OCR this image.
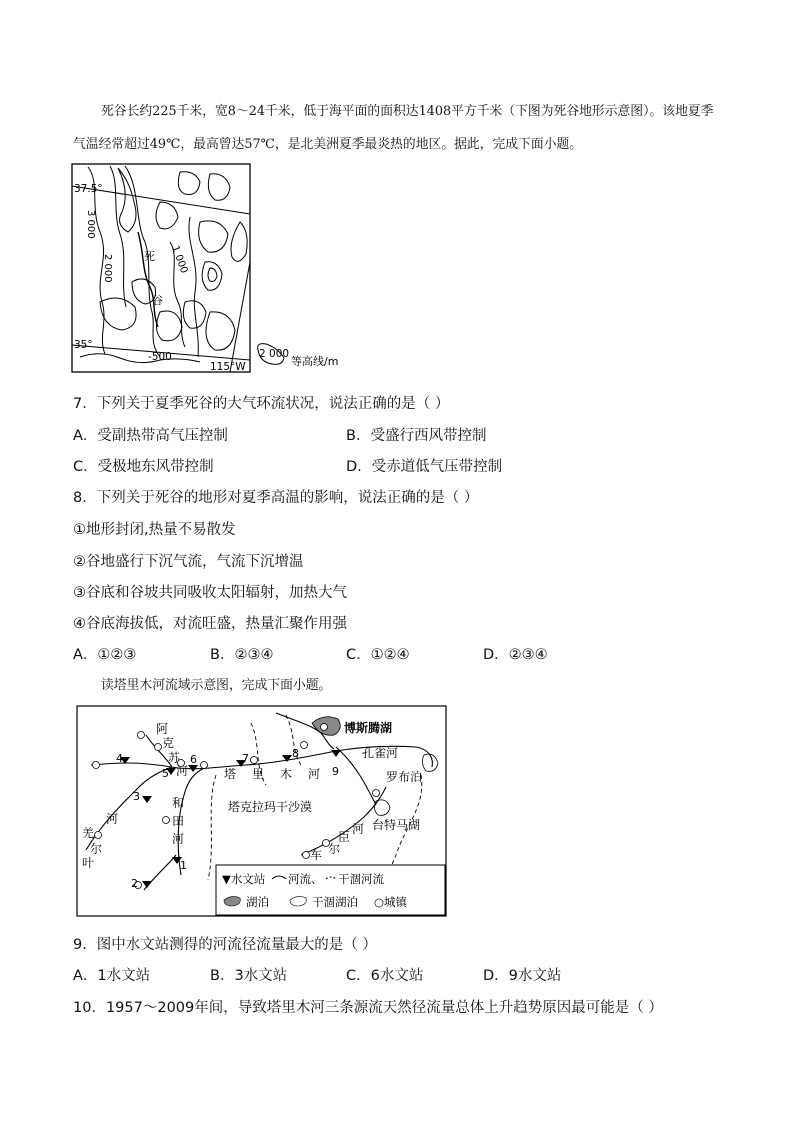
死谷长约225千米，宽8～24千米，低于海平面的面积达1408平方千米（下图为死谷地形示意图）。该地夏季气温经常超过49℃，最高曾达57℃，是北美洲夏季最炎热的地区。据此，完成下面小题。
37.5°
35°
115°W
3 000
2 000	1 000
-500
死
谷
2 000
等高线/m
7．下列关于夏季死谷的大气环流状况，说法正确的是（ ）
A．受副热带高气压控制	B．受盛行西风带控制
C．受极地东风带控制	D．受赤道低气压带控制
8．下列关于死谷的地形对夏季高温的影响，说法正确的是（ ）
①地形封闭,热量不易散发
②谷地盛行下沉气流，气流下沉增温
③谷底和谷坡共同吸收太阳辐射，加热大气
④谷底海拔低，对流旺盛，热量汇聚作用强
A．①②③	B．②③④	C．①②④	D．②③④
读塔里木河流域示意图，完成下面小题。
4
3
5
6	7	8
9
1
2
博斯腾湖
阿
克
苏
河	塔 里 木 河
孔雀河
罗布泊
塔克拉玛干沙漠
台特马湖
和
田
河
羌
尔
叶
河
车 尔
臣
河
▼水文站 河流、 干涸河流
湖泊	干涸湖泊 ○城镇
9．图中水文站测得的河流径流量最大的是（ ）
A．1水文站	B．3水文站	C．6水文站	D．9水文站
10．1957～2009年间，导致塔里木河三条源流天然径流量总体上升趋势原因最可能是（ ）
